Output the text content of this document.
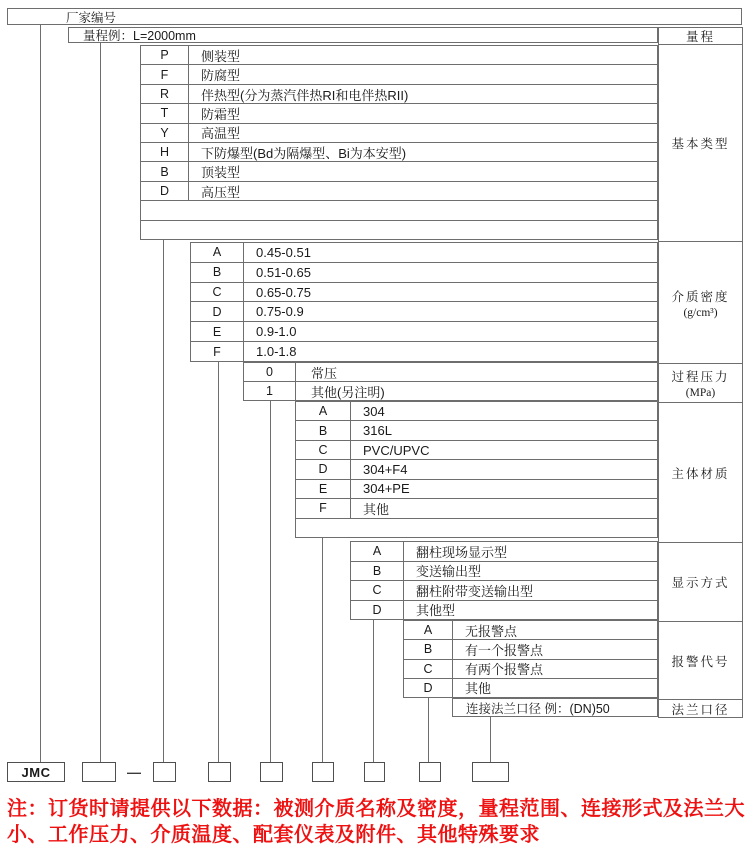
厂家编号
量程例：L=2000mm
P	侧装型
F	防腐型
R	伴热型(分为蒸汽伴热RI和电伴热RII)
T	防霜型
Y	高温型
H	下防爆型(Bd为隔爆型、Bi为本安型)
B	顶装型
D	高压型
A	0.45-0.51
B	0.51-0.65
C	0.65-0.75
D	0.75-0.9
E	0.9-1.0
F	1.0-1.8
0	常压
1	其他(另注明)
A	304
B	316L
C	PVC/UPVC
D	304+F4
E	304+PE
F	其他
A	翻柱现场显示型
B	变送输出型
C	翻柱附带变送输出型
D	其他型
A	无报警点
B	有一个报警点
C	有两个报警点
D	其他
连接法兰口径 例：(DN)50
量程
基本类型
介质密度
(g/cm³)
过程压力
(MPa)
主体材质
显示方式
报警代号
法兰口径
JMC	—
注：订货时请提供以下数据：被测介质名称及密度，量程范围、连接形式及法兰大小、工作压力、介质温度、配套仪表及附件、其他特殊要求
